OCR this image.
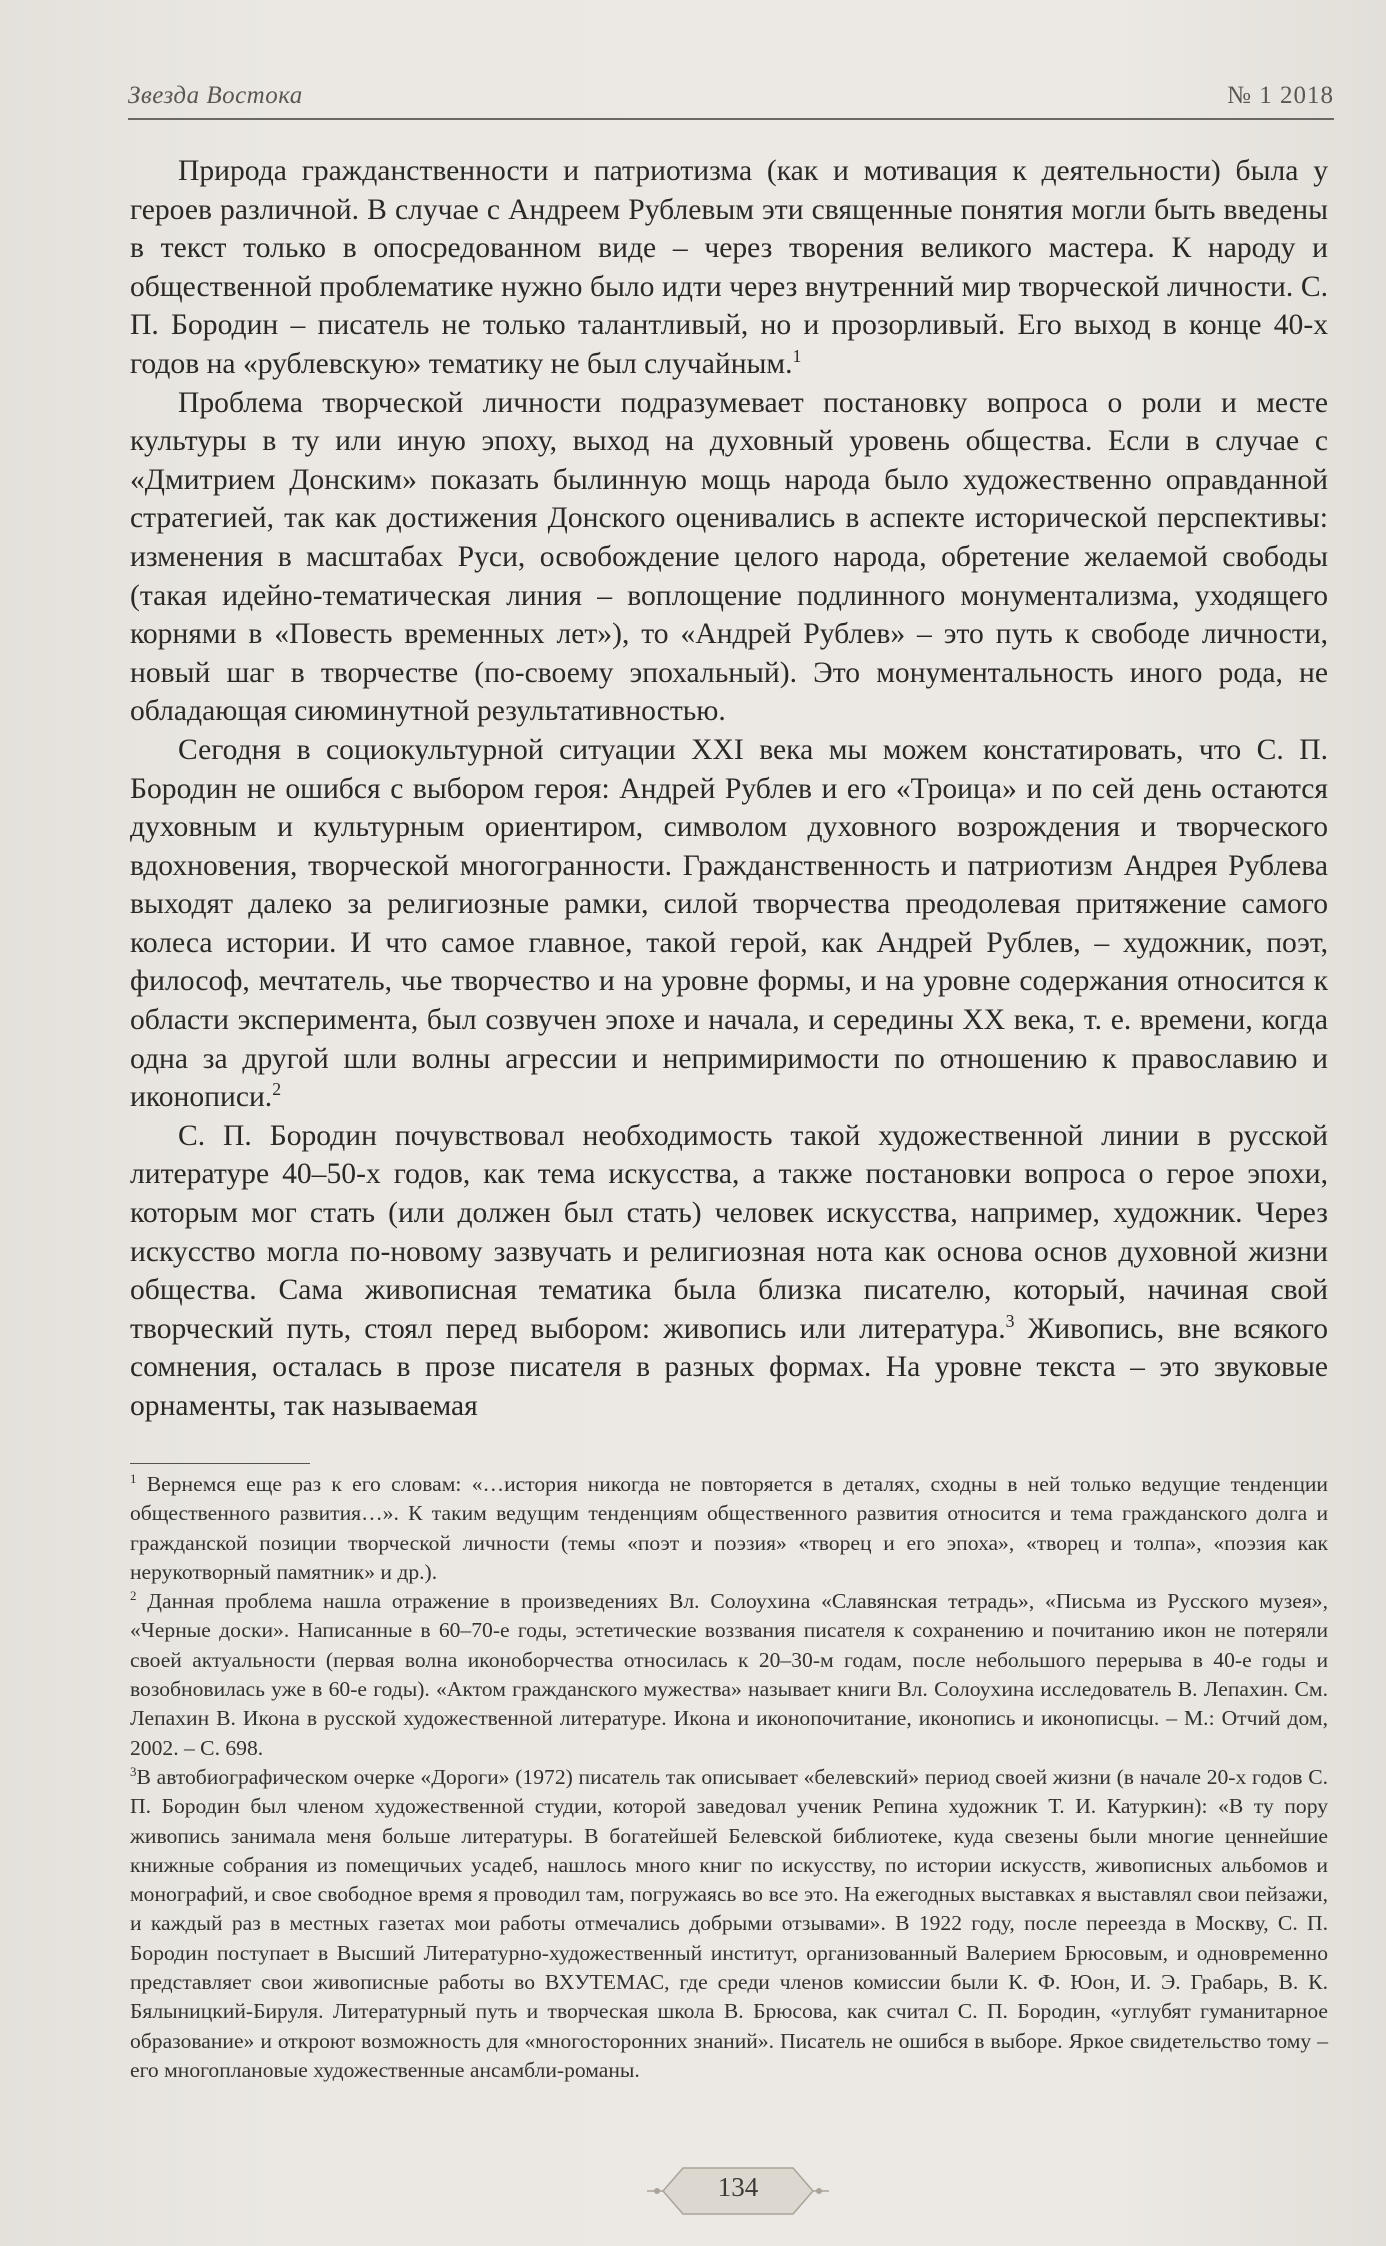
Звезда Востока	№ 1 2018

Природа гражданственности и патриотизма (как и мотивация к деятельности) была у героев различной. В случае с Андреем Рублевым эти священные понятия могли быть введены в текст только в опосредованном виде – через творения великого мастера. К народу и общественной проблематике нужно было идти через внутренний мир творческой личности. С. П. Бородин – писатель не только талантливый, но и прозорливый. Его выход в конце 40-х годов на «рублевскую» тематику не был случайным.$^1$

Проблема творческой личности подразумевает постановку вопроса о роли и месте культуры в ту или иную эпоху, выход на духовный уровень общества. Если в случае с «Дмитрием Донским» показать былинную мощь народа было художественно оправданной стратегией, так как достижения Донского оценивались в аспекте исторической перспективы: изменения в масштабах Руси, освобождение целого народа, обретение желаемой свободы (такая идейно-тематическая линия – воплощение подлинного монументализма, уходящего корнями в «Повесть временных лет»), то «Андрей Рублев» – это путь к свободе личности, новый шаг в творчестве (по-своему эпохальный). Это монументальность иного рода, не обладающая сиюминутной результативностью.

Сегодня в социокультурной ситуации XXI века мы можем констатировать, что С. П. Бородин не ошибся с выбором героя: Андрей Рублев и его «Троица» и по сей день остаются духовным и культурным ориентиром, символом духовного возрождения и творческого вдохновения, творческой многогранности. Гражданственность и патриотизм Андрея Рублева выходят далеко за религиозные рамки, силой творчества преодолевая притяжение самого колеса истории. И что самое главное, такой герой, как Андрей Рублев, – художник, поэт, философ, мечтатель, чье творчество и на уровне формы, и на уровне содержания относится к области эксперимента, был созвучен эпохе и начала, и середины XX века, т. е. времени, когда одна за другой шли волны агрессии и непримиримости по отношению к православию и иконописи.$^2$

С. П. Бородин почувствовал необходимость такой художественной линии в русской литературе 40–50-х годов, как тема искусства, а также постановки вопроса о герое эпохи, которым мог стать (или должен был стать) человек искусства, например, художник. Через искусство могла по-новому зазвучать и религиозная нота как основа основ духовной жизни общества. Сама живописная тематика была близка писателю, который, начиная свой творческий путь, стоял перед выбором: живопись или литература.$^3$ Живопись, вне всякого сомнения, осталась в прозе писателя в разных формах. На уровне текста – это звуковые орнаменты, так называемая

$^1$ Вернемся еще раз к его словам: «…история никогда не повторяется в деталях, сходны в ней только ведущие тенденции общественного развития…». К таким ведущим тенденциям общественного развития относится и тема гражданского долга и гражданской позиции творческой личности (темы «поэт и поэзия» «творец и его эпоха», «творец и толпа», «поэзия как нерукотворный памятник» и др.).

$^2$ Данная проблема нашла отражение в произведениях Вл. Солоухина «Славянская тетрадь», «Письма из Русского музея», «Черные доски». Написанные в 60–70-е годы, эстетические воззвания писателя к сохранению и почитанию икон не потеряли своей актуальности (первая волна иконоборчества относилась к 20–30-м годам, после небольшого перерыва в 40-е годы и возобновилась уже в 60-е годы). «Актом гражданского мужества» называет книги Вл. Солоухина исследователь В. Лепахин. См. Лепахин В. Икона в русской художественной литературе. Икона и иконопочитание, иконопись и иконописцы. – М.: Отчий дом, 2002. – С. 698.

$^3$В автобиографическом очерке «Дороги» (1972) писатель так описывает «белевский» период своей жизни (в начале 20-х годов С. П. Бородин был членом художественной студии, которой заведовал ученик Репина художник Т. И. Катуркин): «В ту пору живопись занимала меня больше литературы. В богатейшей Белевской библиотеке, куда свезены были многие ценнейшие книжные собрания из помещичьих усадеб, нашлось много книг по искусству, по истории искусств, живописных альбомов и монографий, и свое свободное время я проводил там, погружаясь во все это. На ежегодных выставках я выставлял свои пейзажи, и каждый раз в местных газетах мои работы отмечались добрыми отзывами». В 1922 году, после переезда в Москву, С. П. Бородин поступает в Высший Литературно-художественный институт, организованный Валерием Брюсовым, и одновременно представляет свои живописные работы во ВХУТЕМАС, где среди членов комиссии были К. Ф. Юон, И. Э. Грабарь, В. К. Бялыницкий-Бируля. Литературный путь и творческая школа В. Брюсова, как считал С. П. Бородин, «углубят гуманитарное образование» и откроют возможность для «многосторонних знаний». Писатель не ошибся в выборе. Яркое свидетельство тому – его многоплановые художественные ансамбли-романы.

134
